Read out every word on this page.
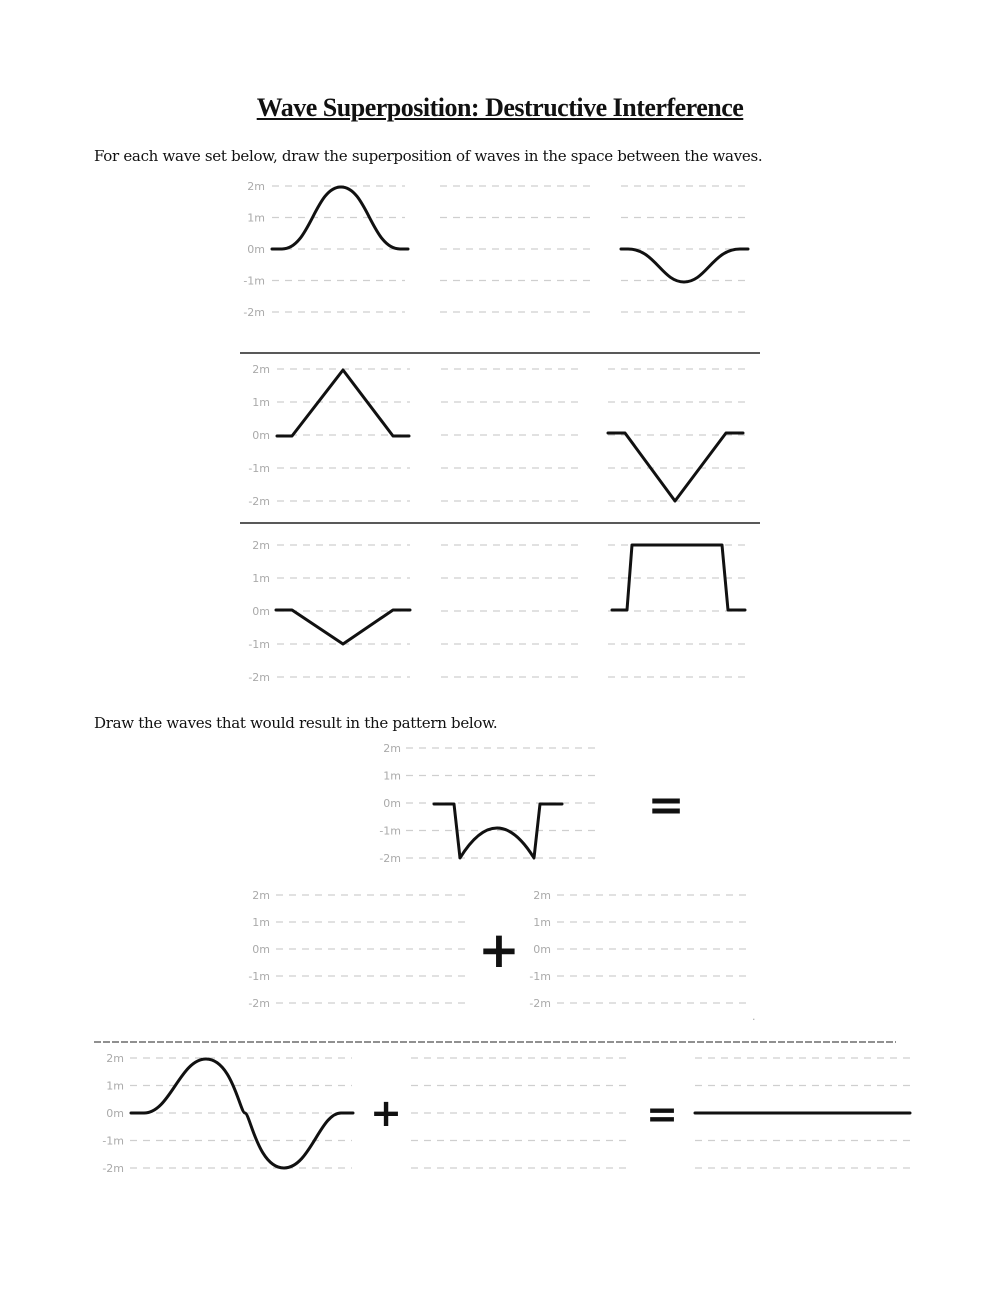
Wave Superposition: Destructive Interference
For each wave set below, draw the superposition of waves in the space between the waves.
Draw the waves that would result in the pattern below.
2m
1m
0m
-1m
-2m
2m
1m
0m
-1m
-2m
2m
1m
0m
-1m
-2m
2m
1m
0m
-1m
-2m
2m
1m
0m
-1m
-2m
2m
1m
0m
-1m
-2m
2m
1m
0m
-1m
-2m
=
+
+	=
.
